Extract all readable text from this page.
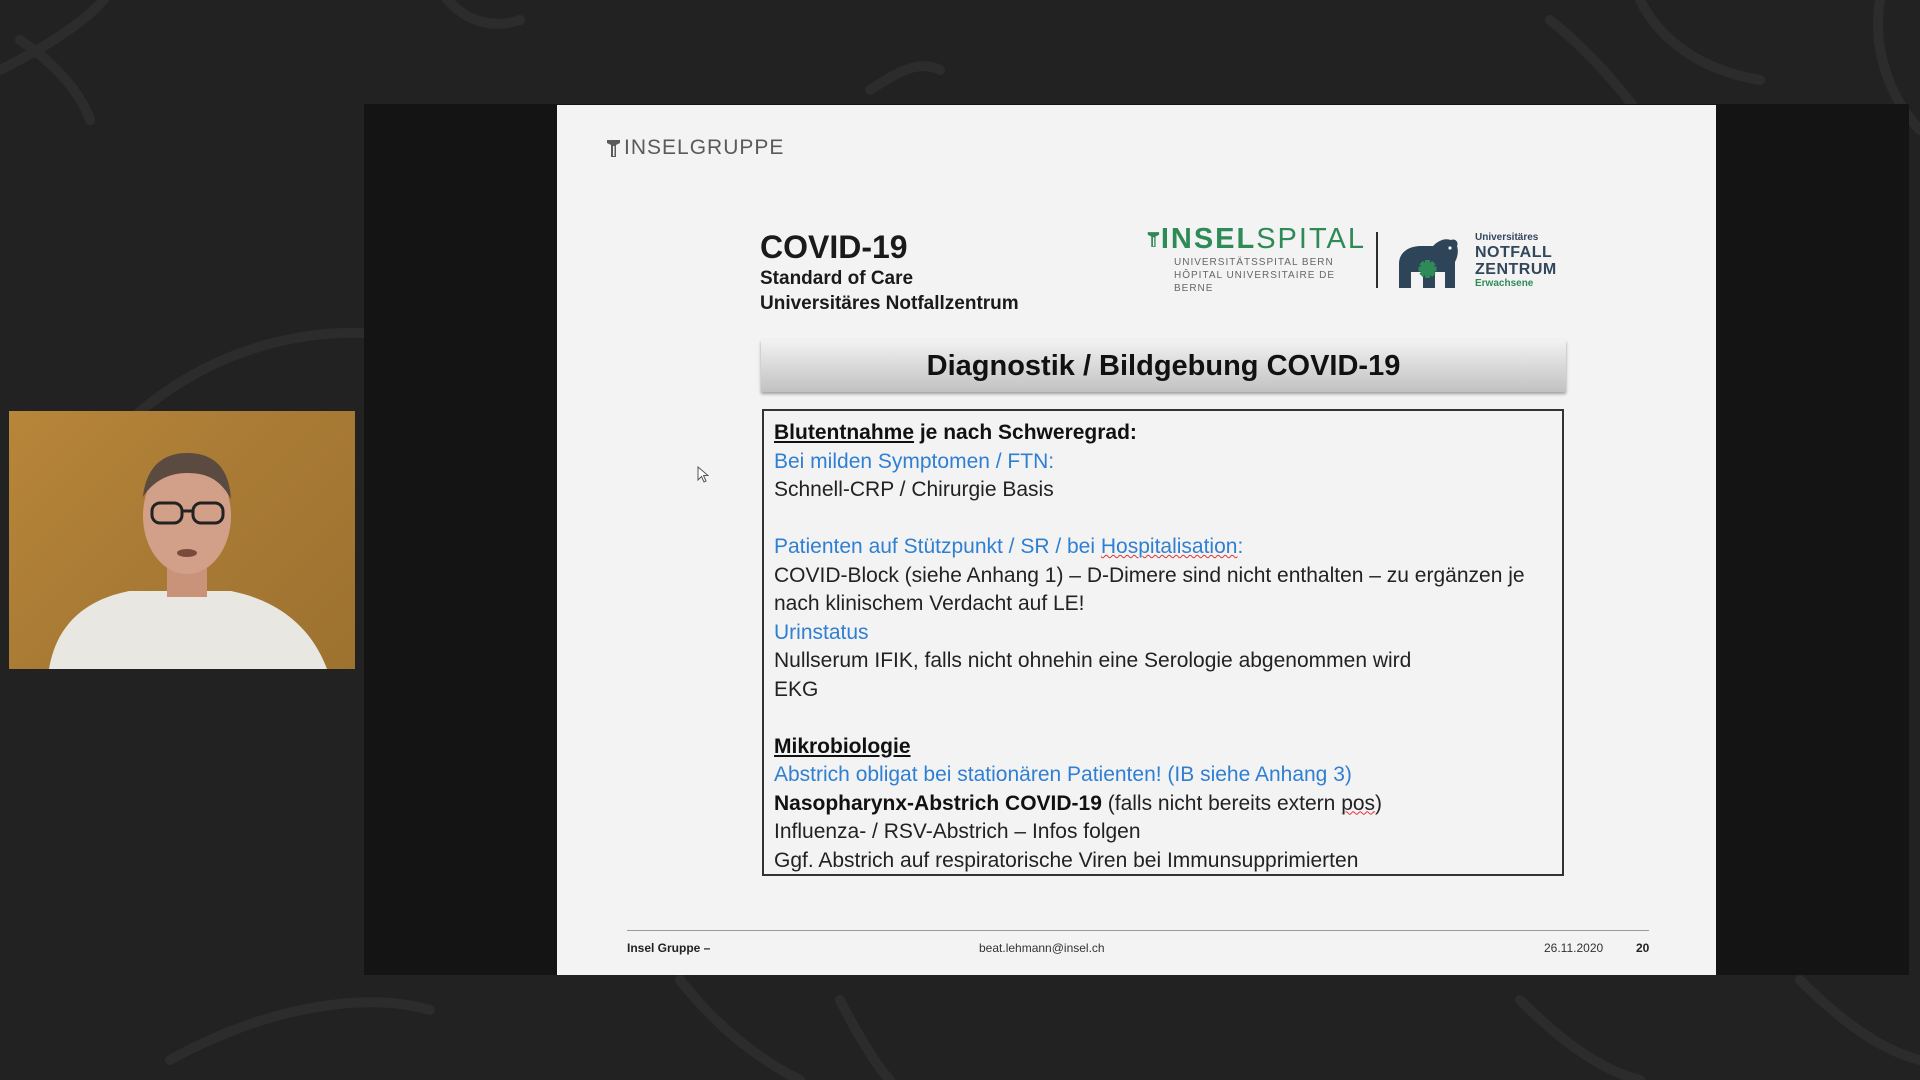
INSELGRUPPE
COVID-19
Standard of Care
Universitäres Notfallzentrum
INSEL SPITAL
UNIVERSITÄTSSPITAL BERN
HÔPITAL UNIVERSITAIRE DE BERNE
Universitäres
NOTFALL
ZENTRUM
Erwachsene
Diagnostik / Bildgebung COVID-19
Blutentnahme je nach Schweregrad:
Bei milden Symptomen / FTN:
Schnell-CRP / Chirurgie Basis
Patienten auf Stützpunkt / SR / bei Hospitalisation:
COVID-Block (siehe Anhang 1) – D-Dimere sind nicht enthalten – zu ergänzen je nach klinischem Verdacht auf LE!
Urinstatus
Nullserum IFIK, falls nicht ohnehin eine Serologie abgenommen wird
EKG
Mikrobiologie
Abstrich obligat bei stationären Patienten! (IB siehe Anhang 3)
Nasopharynx-Abstrich COVID-19 (falls nicht bereits extern pos)
Influenza- / RSV-Abstrich – Infos folgen
Ggf. Abstrich auf respiratorische Viren bei Immunsupprimierten
Insel Gruppe –	beat.lehmann@insel.ch	26.11.2020	20
